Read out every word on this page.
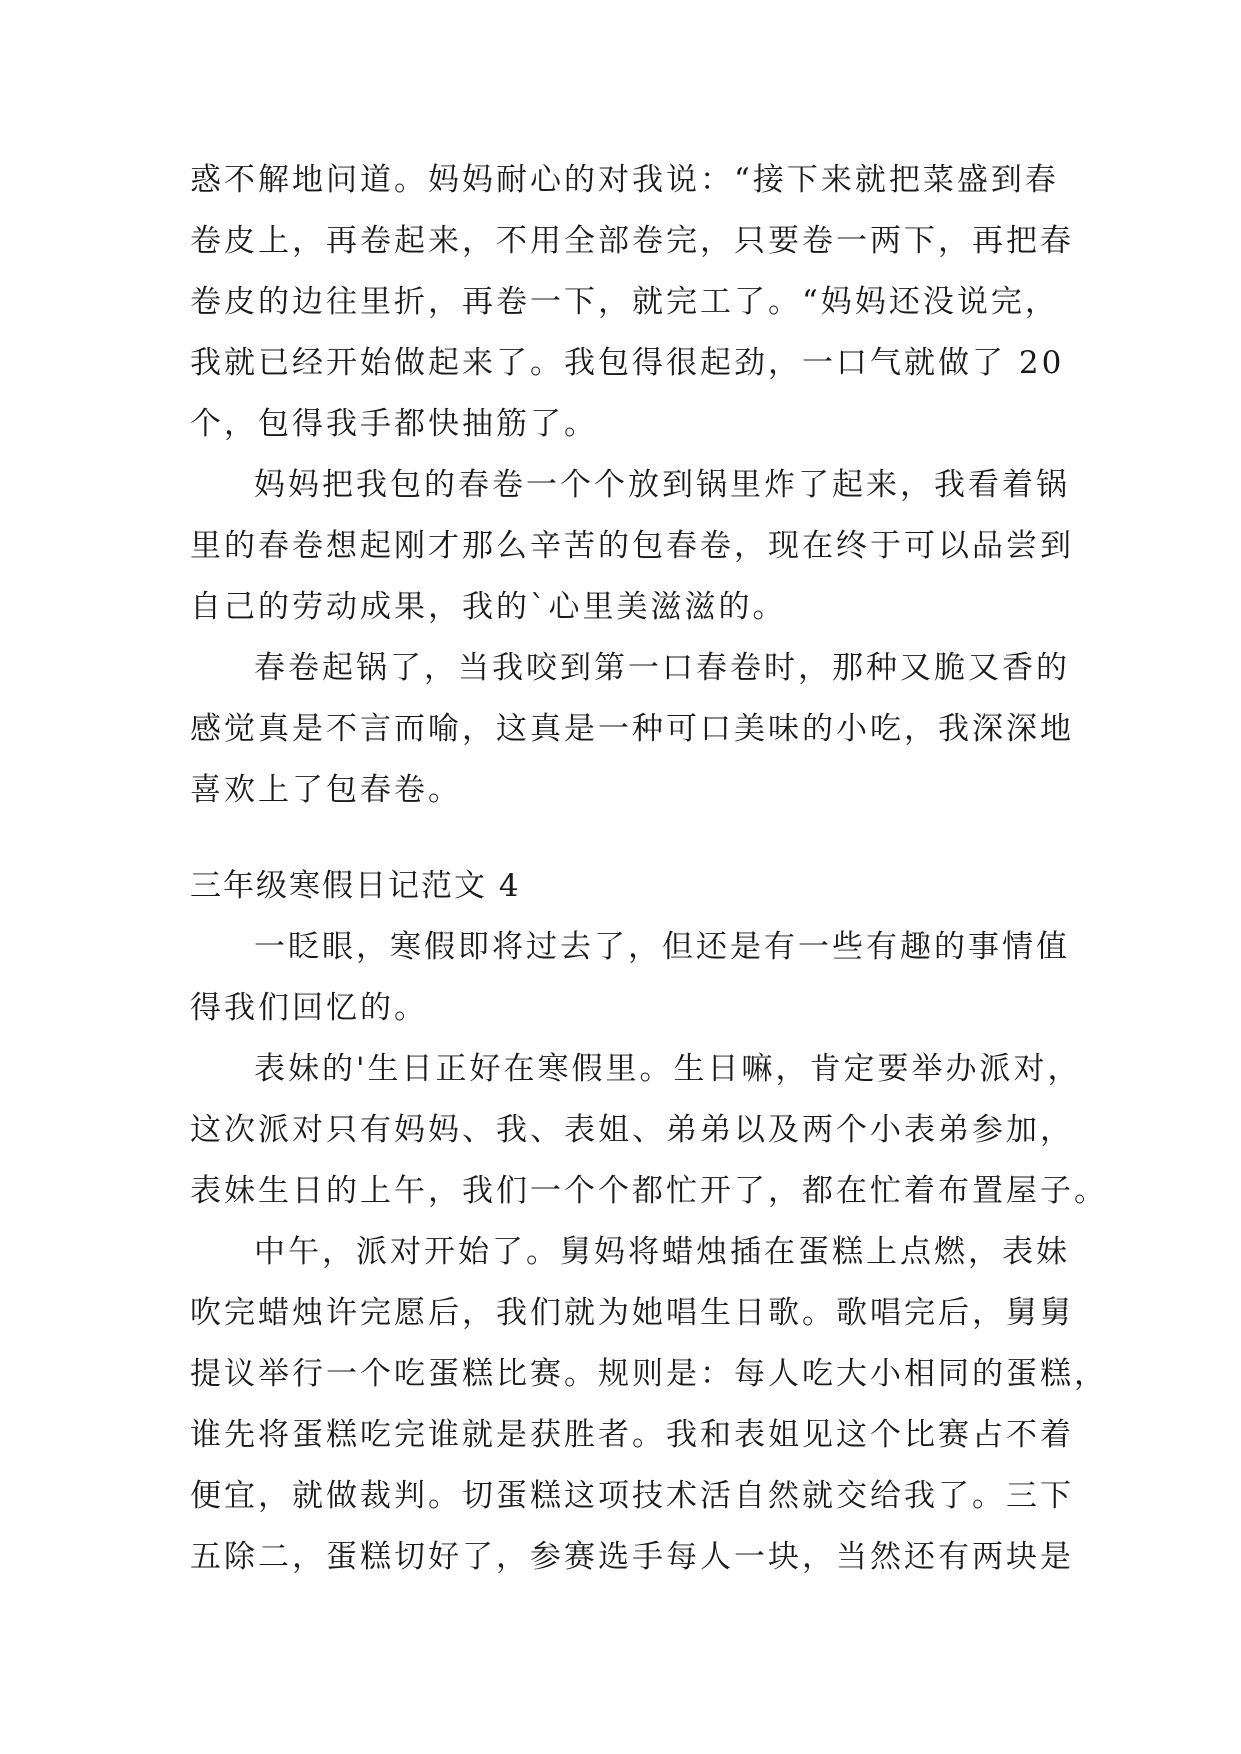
惑不解地问道。妈妈耐心的对我说：“接下来就把菜盛到春
卷皮上，再卷起来，不用全部卷完，只要卷一两下，再把春
卷皮的边往里折，再卷一下，就完工了。“妈妈还没说完，
我就已经开始做起来了。我包得很起劲，一口气就做了 20
个，包得我手都快抽筋了。
妈妈把我包的春卷一个个放到锅里炸了起来，我看着锅
里的春卷想起刚才那么辛苦的包春卷，现在终于可以品尝到
自己的劳动成果，我的`心里美滋滋的。
春卷起锅了，当我咬到第一口春卷时，那种又脆又香的
感觉真是不言而喻，这真是一种可口美味的小吃，我深深地
喜欢上了包春卷。
三年级寒假日记范文 4
一眨眼，寒假即将过去了，但还是有一些有趣的事情值
得我们回忆的。
表妹的'生日正好在寒假里。生日嘛，肯定要举办派对，
这次派对只有妈妈、我、表姐、弟弟以及两个小表弟参加，
表妹生日的上午，我们一个个都忙开了，都在忙着布置屋子。
中午，派对开始了。舅妈将蜡烛插在蛋糕上点燃，表妹
吹完蜡烛许完愿后，我们就为她唱生日歌。歌唱完后，舅舅
提议举行一个吃蛋糕比赛。规则是：每人吃大小相同的蛋糕，
谁先将蛋糕吃完谁就是获胜者。我和表姐见这个比赛占不着
便宜，就做裁判。切蛋糕这项技术活自然就交给我了。三下
五除二，蛋糕切好了，参赛选手每人一块，当然还有两块是
